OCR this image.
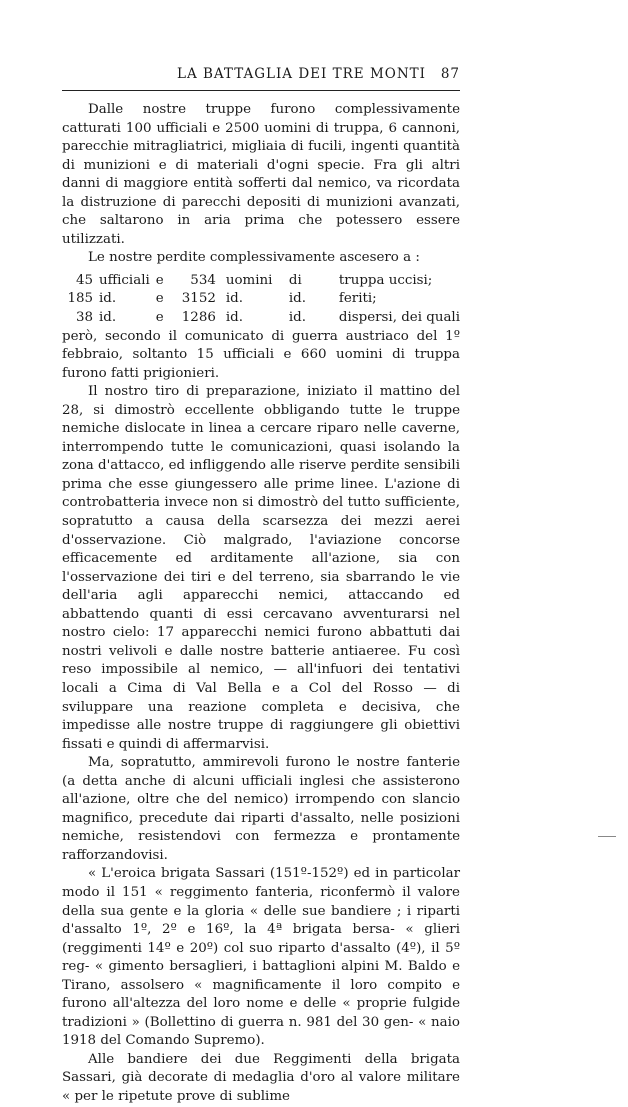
LA BATTAGLIA DEI TRE MONTI 87

Dalle nostre truppe furono complessivamente catturati 100 ufficiali e 2500 uomini di truppa, 6 cannoni, parecchie mitragliatrici, migliaia di fucili, ingenti quantità di munizioni e di materiali d'ogni specie. Fra gli altri danni di maggiore entità sofferti dal nemico, va ricordata la distruzione di parecchi depositi di munizioni avanzati, che saltarono in aria prima che potessero essere utilizzati.

Le nostre perdite complessivamente ascesero a :

45	ufficiali	e	534	uomini	di	truppa uccisi;
185	id.	e	3152	id.	id.	feriti;
38	id.	e	1286	id.	id.	dispersi, dei quali

però, secondo il comunicato di guerra austriaco del 1º febbraio, soltanto 15 ufficiali e 660 uomini di truppa furono fatti prigionieri.

Il nostro tiro di preparazione, iniziato il mattino del 28, si dimostrò eccellente obbligando tutte le truppe nemiche dislocate in linea a cercare riparo nelle caverne, interrompendo tutte le comunicazioni, quasi isolando la zona d'attacco, ed infliggendo alle riserve perdite sensibili prima che esse giungessero alle prime linee. L'azione di controbatteria invece non si dimostrò del tutto sufficiente, sopratutto a causa della scarsezza dei mezzi aerei d'osservazione. Ciò malgrado, l'aviazione concorse efficacemente ed arditamente all'azione, sia con l'osservazione dei tiri e del terreno, sia sbarrando le vie dell'aria agli apparecchi nemici, attaccando ed abbattendo quanti di essi cercavano avventurarsi nel nostro cielo: 17 apparecchi nemici furono abbattuti dai nostri velivoli e dalle nostre batterie antiaeree. Fu così reso impossibile al nemico, — all'infuori dei tentativi locali a Cima di Val Bella e a Col del Rosso — di sviluppare una reazione completa e decisiva, che impedisse alle nostre truppe di raggiungere gli obiettivi fissati e quindi di affermarvisi.

Ma, sopratutto, ammirevoli furono le nostre fanterie (a detta anche di alcuni ufficiali inglesi che assisterono all'azione, oltre che del nemico) irrompendo con slancio magnifico, precedute dai riparti d'assalto, nelle posizioni nemiche, resistendovi con fermezza e prontamente rafforzandovisi.

« L'eroica brigata Sassari (151º-152º) ed in particolar modo il 151 « reggimento fanteria, riconfermò il valore della sua gente e la gloria « delle sue bandiere ; i riparti d'assalto 1º, 2º e 16º, la 4ª brigata bersa- « glieri (reggimenti 14º e 20º) col suo riparto d'assalto (4º), il 5º reg- « gimento bersaglieri, i battaglioni alpini M. Baldo e Tirano, assolsero « magnificamente il loro compito e furono all'altezza del loro nome e delle « proprie fulgide tradizioni » (Bollettino di guerra n. 981 del 30 gen- « naio 1918 del Comando Supremo).

Alle bandiere dei due Reggimenti della brigata Sassari, già decorate di medaglia d'oro al valore militare « per le ripetute prove di sublime
